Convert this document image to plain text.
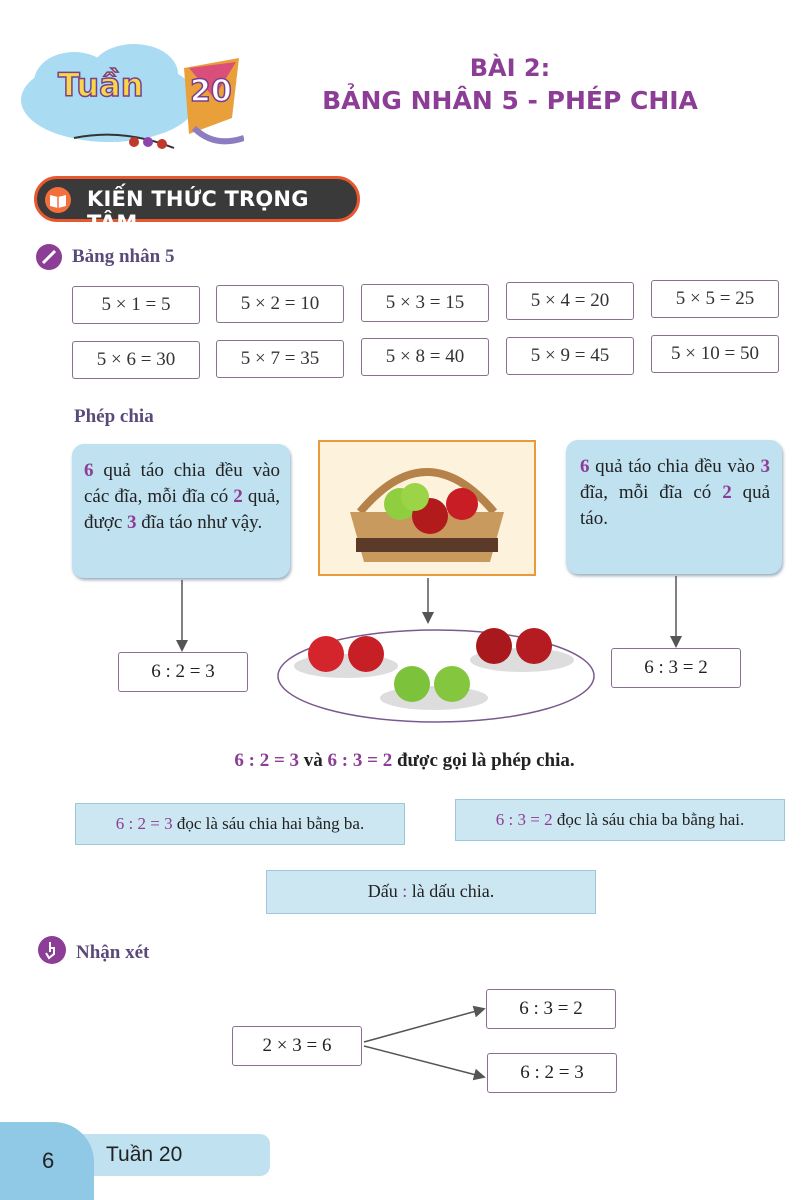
Tuần 20
BÀI 2:
BẢNG NHÂN 5 - PHÉP CHIA
KIẾN THỨC TRỌNG TÂM
Bảng nhân 5
5 × 1 = 5	5 × 2 = 10	5 × 3 = 15	5 × 4 = 20	5 × 5 = 25
5 × 6 = 30	5 × 7 = 35	5 × 8 = 40	5 × 9 = 45	5 × 10 = 50
Phép chia
6 quả táo chia đều vào các đĩa, mỗi đĩa có 2 quả, được 3 đĩa táo như vậy.
6 quả táo chia đều vào 3 đĩa, mỗi đĩa có 2 quả táo.
6 : 2 = 3	6 : 3 = 2
6 : 2 = 3 và 6 : 3 = 2 được gọi là phép chia.
6 : 2 = 3 đọc là sáu chia hai bằng ba.	6 : 3 = 2 đọc là sáu chia ba bằng hai.
Dấu : là dấu chia.
Nhận xét
2 × 3 = 6
6 : 3 = 2
6 : 2 = 3
6 Tuần 20
